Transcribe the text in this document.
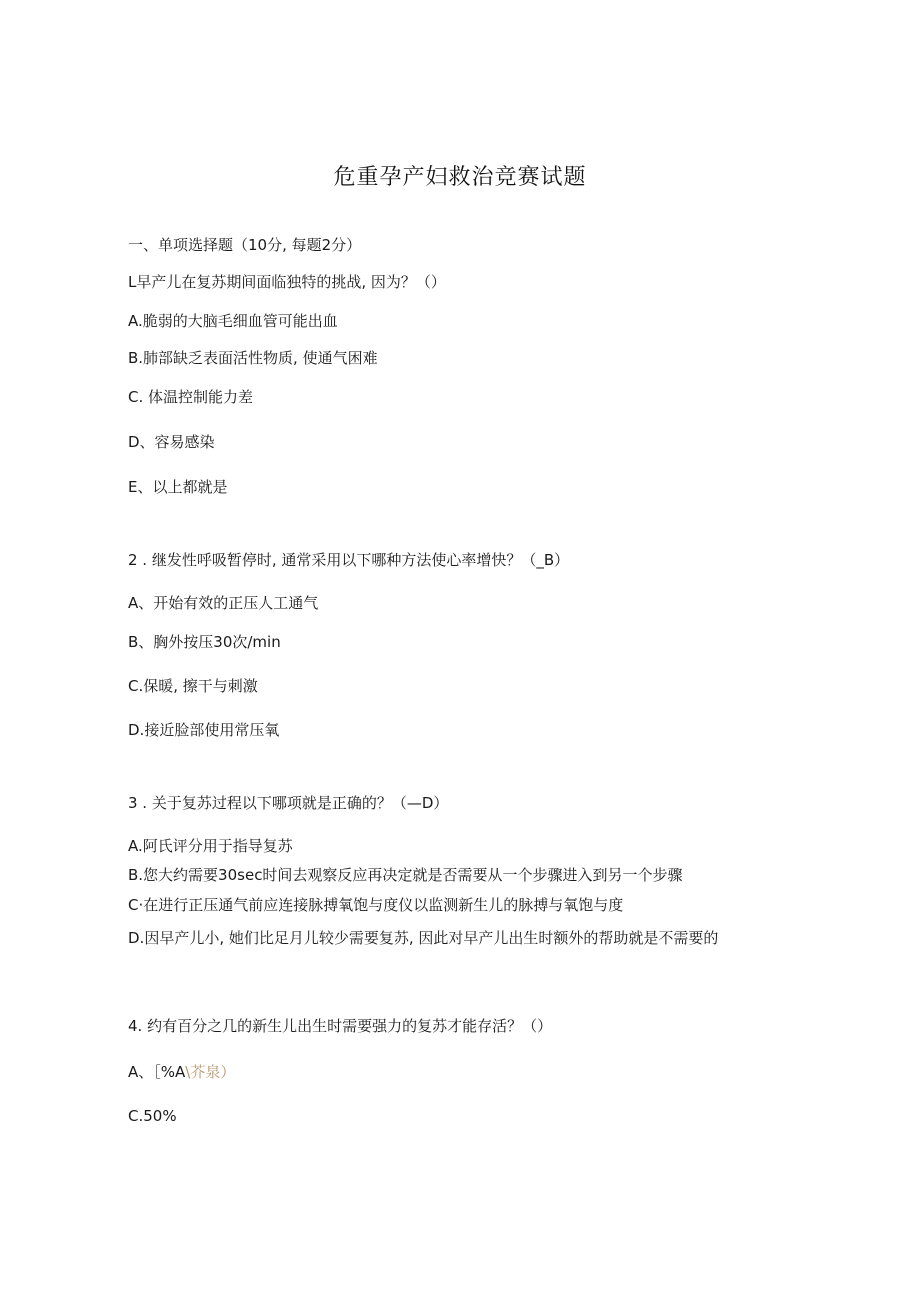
危重孕产妇救治竞赛试题
一、单项选择题（10分, 每题2分）
L早产儿在复苏期间面临独特的挑战, 因为？（）
A.脆弱的大脑毛细血管可能出血
B.肺部缺乏表面活性物质, 使通气困难
C. 体温控制能力差
D、容易感染
E、以上都就是
2 . 继发性呼吸暂停时, 通常采用以下哪种方法使心率增快？（_B）
A、开始有效的正压人工通气
B、胸外按压30次/min
C.保暖, 擦干与刺激
D.接近脸部使用常压氧
3 . 关于复苏过程以下哪项就是正确的？（—D）
A.阿氏评分用于指导复苏
B.您大约需要30sec时间去观察反应再决定就是否需要从一个步骤进入到另一个步骤
C·在进行正压通气前应连接脉搏氧饱与度仪以监测新生儿的脉搏与氧饱与度
D.因早产儿小, 她们比足月儿较少需要复苏, 因此对早产儿出生时额外的帮助就是不需要的
4. 约有百分之几的新生儿出生时需要强力的复苏才能存活？（）
A、［%A\芥泉）
C.50%
